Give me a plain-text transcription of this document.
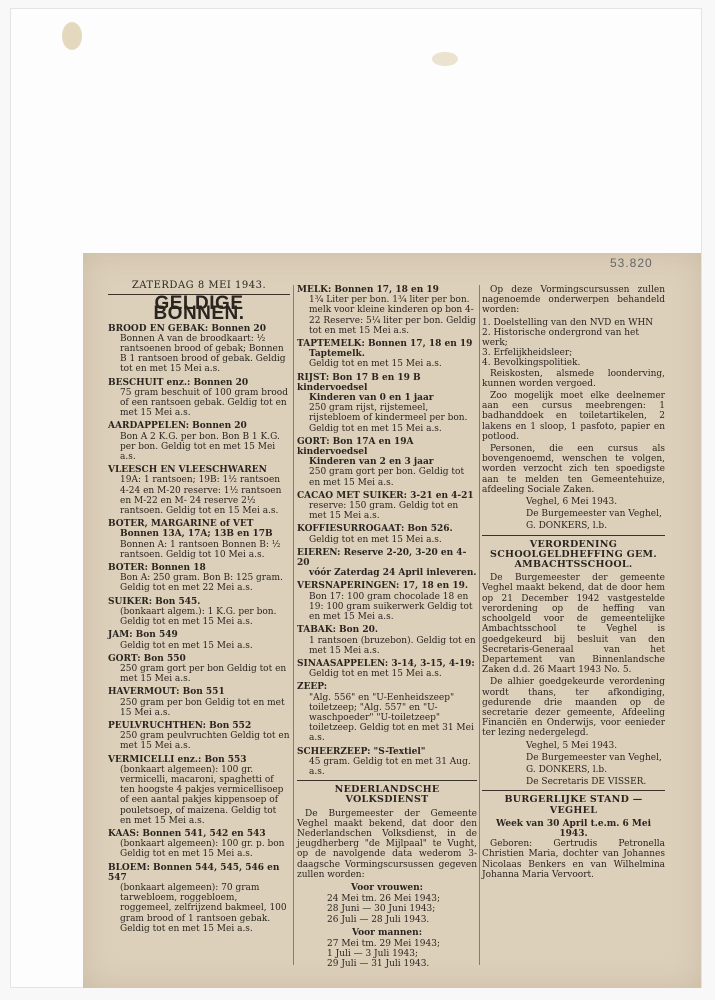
53.820
ZATERDAG 8 MEI 1943.
GELDIGE BONNEN.
BROOD EN GEBAK: Bonnen 20
Bonnen A van de broodkaart: ½ rantsoenen brood of gebak; Bonnen B 1 rantsoen brood of gebak. Geldig tot en met 15 Mei a.s.
BESCHUIT enz.: Bonnen 20
75 gram beschuit of 100 gram brood of een rantsoen gebak. Geldig tot en met 15 Mei a.s.
AARDAPPELEN: Bonnen 20
Bon A 2 K.G. per bon. Bon B 1 K.G. per bon. Geldig tot en met 15 Mei a.s.
VLEESCH EN VLEESCHWAREN
19A: 1 rantsoen; 19B: 1½ rantsoen 4-24 en M-20 reserve: 1½ rantsoen en M-22 en M- 24 reserve 2½ rantsoen. Geldig tot en 15 Mei a.s.
BOTER, MARGARINE of VET
Bonnen 13A, 17A; 13B en 17B
Bonnen A: 1 rantsoen Bonnen B: ½ rantsoen. Geldig tot 10 Mei a.s.
BOTER: Bonnen 18
Bon A: 250 gram. Bon B: 125 gram. Geldig tot en met 22 Mei a.s.
SUIKER: Bon 545.
(bonkaart algem.): 1 K.G. per bon. Geldig tot en met 15 Mei a.s.
JAM: Bon 549
Geldig tot en met 15 Mei a.s.
GORT: Bon 550
250 gram gort per bon Geldig tot en met 15 Mei a.s.
HAVERMOUT: Bon 551
250 gram per bon Geldig tot en met 15 Mei a.s.
PEULVRUCHTHEN: Bon 552
250 gram peulvruchten Geldig tot en met 15 Mei a.s.
VERMICELLI enz.: Bon 553
(bonkaart algemeen): 100 gr. vermicelli, macaroni, spaghetti of ten hoogste 4 pakjes vermicellisoep of een aantal pakjes kippensoep of pouletsoep, of maizena. Geldig tot en met 15 Mei a.s.
KAAS: Bonnen 541, 542 en 543
(bonkaart algemeen): 100 gr. p. bon Geldig tot en met 15 Mei a.s.
BLOEM: Bonnen 544, 545, 546 en 547
(bonkaart algemeen): 70 gram tarwebloem, roggebloem, roggemeel, zelfrijzend bakmeel, 100 gram brood of 1 rantsoen gebak. Geldig tot en met 15 Mei a.s.
MELK: Bonnen 17, 18 en 19
1¾ Liter per bon. 1¾ liter per bon. melk voor kleine kinderen op bon 4-22 Reserve: 5¼ liter per bon. Geldig tot en met 15 Mei a.s.
TAPTEMELK: Bonnen 17, 18 en 19
Taptemelk.
Geldig tot en met 15 Mei a.s.
RIJST: Bon 17 B en 19 B kindervoedsel
Kinderen van 0 en 1 jaar
250 gram rijst, rijstemeel, rijstebloem of kindermeel per bon. Geldig tot en met 15 Mei a.s.
GORT: Bon 17A en 19A kindervoedsel
Kinderen van 2 en 3 jaar
250 gram gort per bon. Geldig tot en met 15 Mei a.s.
CACAO MET SUIKER: 3-21 en 4-21
reserve: 150 gram. Geldig tot en met 15 Mei a.s.
KOFFIESURROGAAT: Bon 526.
Geldig tot en met 15 Mei a.s.
EIEREN: Reserve 2-20, 3-20 en 4-20
vóór Zaterdag 24 April inleveren.
VERSNAPERINGEN: 17, 18 en 19.
Bon 17: 100 gram chocolade 18 en 19: 100 gram suikerwerk Geldig tot en met 15 Mei a.s.
TABAK: Bon 20.
1 rantsoen (bruzebon). Geldig tot en met 15 Mei a.s.
SINAASAPPELEN: 3-14, 3-15, 4-19:
Geldig tot en met 15 Mei a.s.
ZEEP:
"Alg. 556" en "U-Eenheidszeep" toiletzeep; "Alg. 557" en "U-waschpoeder" "U-toiletzeep" toiletzeep. Geldig tot en met 31 Mei a.s.
SCHEERZEEP: "S-Textiel"
45 gram. Geldig tot en met 31 Aug. a.s.
NEDERLANDSCHE VOLKSDIENST

De Burgemeester der Gemeente Veghel maakt bekend, dat door den Nederlandschen Volksdienst, in de jeugdherberg "de Mijlpaal" te Vught, op de navolgende data wederom 3-daagsche Vormingscursussen gegeven zullen worden:

Voor vrouwen:
24 Mei tm. 26 Mei 1943;
28 Juni — 30 Juni 1943;
26 Juli — 28 Juli 1943.
Voor mannen:
27 Mei tm. 29 Mei 1943;
1 Juli — 3 Juli 1943;
29 Juli — 31 Juli 1943.

Op deze Vormingscursussen zullen nagenoemde onderwerpen behandeld worden:

1. Doelstelling van den NVD en WHN
2. Historische ondergrond van het werk;
3. Erfelijkheidsleer;
4. Bevolkingspolitiek.

Reiskosten, alsmede loonderving, kunnen worden vergoed.

Zoo mogelijk moet elke deelnemer aan een cursus meebrengen: 1 badhanddoek en toiletartikelen, 2 lakens en 1 sloop, 1 pasfoto, papier en potlood.

Personen, die een cursus als bovengenoemd, wenschen te volgen, worden verzocht zich ten spoedigste aan te melden ten Gemeentehuize, afdeeling Sociale Zaken.

Veghel, 6 Mei 1943.

De Burgemeester van Veghel,

G. DONKERS, l.b.

VERORDENING SCHOOLGELDHEFFING GEM. AMBACHTSSCHOOL.

De Burgemeester der gemeente Veghel maakt bekend, dat de door hem op 21 December 1942 vastgestelde verordening op de heffing van schoolgeld voor de gemeentelijke Ambachtsschool te Veghel is goedgekeurd bij besluit van den Secretaris-Generaal van het Departement van Binnenlandsche Zaken d.d. 26 Maart 1943 No. 5.

De alhier goedgekeurde verordening wordt thans, ter afkondiging, gedurende drie maanden op de secretarie dezer gemeente, Afdeeling Financiën en Onderwijs, voor eenieder ter lezing nedergelegd.

Veghel, 5 Mei 1943.

De Burgemeester van Veghel,

G. DONKERS, l.b.

De Secretaris DE VISSER.

BURGERLIJKE STAND — VEGHEL
Week van 30 April t.e.m. 6 Mei 1943.

Geboren: Gertrudis Petronella Christien Maria, dochter van Johannes Nicolaas Benkers en van Wilhelmina Johanna Maria Vervoort.
